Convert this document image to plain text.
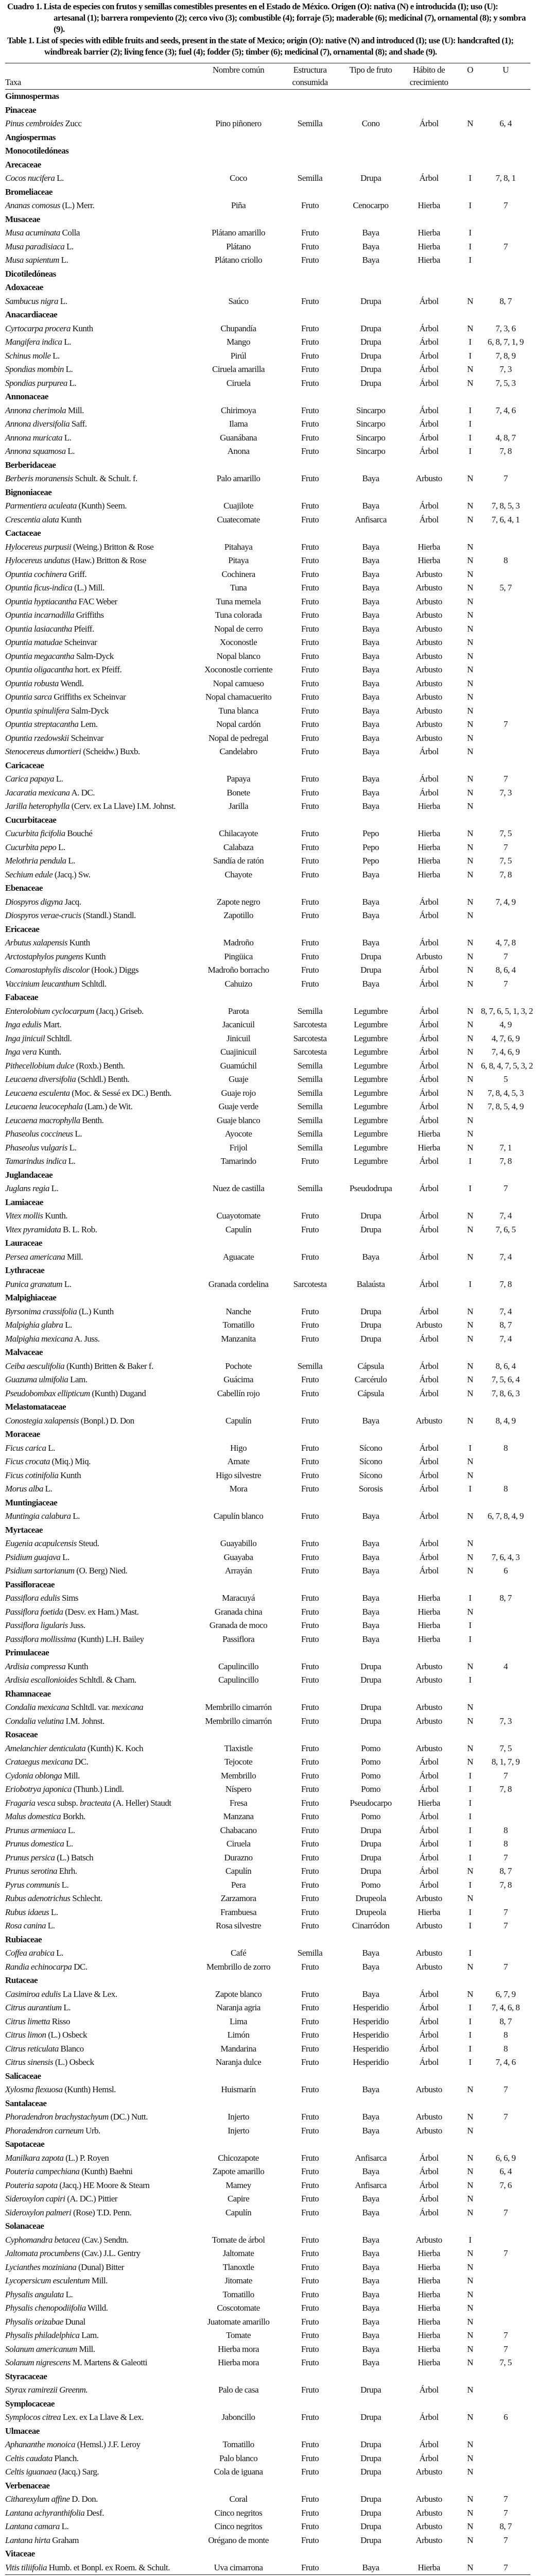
Cuadro 1. Lista de especies con frutos y semillas comestibles presentes en el Estado de México. Origen (O): nativa (N) e introducida (I); uso (U): artesanal (1); barrera rompeviento (2); cerco vivo (3); combustible (4); forraje (5); maderable (6); medicinal (7), ornamental (8); y sombra (9).
Table 1. List of species with edible fruits and seeds, present in the state of Mexico; origin (O): native (N) and introduced (I); use (U): handcrafted (1); windbreak barrier (2); living fence (3); fuel (4); fodder (5); timber (6); medicinal (7), ornamental (8); and shade (9).
Taxa	Nombre común	Estructura consumida	Tipo de fruto	Hábito de crecimiento	O	U
Gimnospermas						
Pinaceae						
Pinus cembroides Zucc	Pino piñonero	Semilla	Cono	Árbol	N	6, 4
Angiospermas						
Monocotiledóneas						
Arecaceae						
Cocos nucifera L.	Coco	Semilla	Drupa	Árbol	I	7, 8, 1
Bromeliaceae						
Ananas comosus (L.) Merr.	Piña	Fruto	Cenocarpo	Hierba	I	7
Musaceae						
Musa acuminata Colla	Plátano amarillo	Fruto	Baya	Hierba	I	
Musa paradisiaca L.	Plátano	Fruto	Baya	Hierba	I	7
Musa sapientum L.	Plátano criollo	Fruto	Baya	Hierba	I	
Dicotiledóneas						
Adoxaceae						
Sambucus nigra L.	Saúco	Fruto	Drupa	Árbol	N	8, 7
Anacardiaceae						
Cyrtocarpa procera Kunth	Chupandía	Fruto	Drupa	Árbol	N	7, 3, 6
Mangifera indica L.	Mango	Fruto	Drupa	Árbol	I	6, 8, 7, 1, 9
Schinus molle L.	Pirúl	Fruto	Drupa	Árbol	I	7, 8, 9
Spondias mombin L.	Ciruela amarilla	Fruto	Drupa	Árbol	N	7, 3
Spondias purpurea L.	Ciruela	Fruto	Drupa	Árbol	N	7, 5, 3
Annonaceae						
Annona cherimola Mill.	Chirimoya	Fruto	Sincarpo	Árbol	I	7, 4, 6
Annona diversifolia Saff.	Ilama	Fruto	Sincarpo	Árbol	I	
Annona muricata L.	Guanábana	Fruto	Sincarpo	Árbol	I	4, 8, 7
Annona squamosa L.	Anona	Fruto	Sincarpo	Árbol	I	7, 8
Berberidaceae						
Berberis moranensis Schult. & Schult. f.	Palo amarillo	Fruto	Baya	Arbusto	N	7
Bignoniaceae						
Parmentiera aculeata (Kunth) Seem.	Cuajilote	Fruto	Baya	Árbol	N	7, 8, 5, 3
Crescentia alata Kunth	Cuatecomate	Fruto	Anfisarca	Árbol	N	7, 6, 4, 1
Cactaceae						
Hylocereus purpusii (Weing.) Britton & Rose	Pitahaya	Fruto	Baya	Hierba	N	
Hylocereus undatus (Haw.) Britton & Rose	Pitaya	Fruto	Baya	Hierba	N	8
Opuntia cochinera Griff.	Cochinera	Fruto	Baya	Arbusto	N	
Opuntia ficus-indica (L.) Mill.	Tuna	Fruto	Baya	Arbusto	N	5, 7
Opuntia hyptiacantha FAC Weber	Tuna memela	Fruto	Baya	Arbusto	N	
Opuntia incarnadilla Griffiths	Tuna colorada	Fruto	Baya	Arbusto	N	
Opuntia lasiacantha Pfeiff.	Nopal de cerro	Fruto	Baya	Arbusto	N	
Opuntia matudae Scheinvar	Xoconostle	Fruto	Baya	Arbusto	N	
Opuntia megacantha Salm-Dyck	Nopal blanco	Fruto	Baya	Arbusto	N	
Opuntia oligacantha hort. ex Pfeiff.	Xoconostle corriente	Fruto	Baya	Arbusto	N	
Opuntia robusta Wendl.	Nopal camueso	Fruto	Baya	Arbusto	N	
Opuntia sarca Griffiths ex Scheinvar	Nopal chamacuerito	Fruto	Baya	Arbusto	N	
Opuntia spinulifera Salm-Dyck	Tuna blanca	Fruto	Baya	Arbusto	N	
Opuntia streptacantha Lem.	Nopal cardón	Fruto	Baya	Arbusto	N	7
Opuntia rzedowskii Scheinvar	Nopal de pedregal	Fruto	Baya	Arbusto	N	
Stenocereus dumortieri (Scheidw.) Buxb.	Candelabro	Fruto	Baya	Árbol	N	
Caricaceae						
Carica papaya L.	Papaya	Fruto	Baya	Árbol	N	7
Jacaratia mexicana A. DC.	Bonete	Fruto	Baya	Árbol	N	7, 3
Jarilla heterophylla (Cerv. ex La Llave) I.M. Johnst.	Jarilla	Fruto	Baya	Hierba	N	
Cucurbitaceae						
Cucurbita ficifolia Bouché	Chilacayote	Fruto	Pepo	Hierba	N	7, 5
Cucurbita pepo L.	Calabaza	Fruto	Pepo	Hierba	N	7
Melothria pendula L.	Sandía de ratón	Fruto	Pepo	Hierba	N	7, 5
Sechium edule (Jacq.) Sw.	Chayote	Fruto	Baya	Hierba	N	7, 8
Ebenaceae						
Diospyros digyna Jacq.	Zapote negro	Fruto	Baya	Árbol	N	7, 4, 9
Diospyros verae-crucis (Standl.) Standl.	Zapotillo	Fruto	Baya	Árbol	N	
Ericaceae						
Arbutus xalapensis Kunth	Madroño	Fruto	Baya	Árbol	N	4, 7, 8
Arctostaphylos pungens Kunth	Pingüica	Fruto	Drupa	Arbusto	N	7
Comarostaphylis discolor (Hook.) Diggs	Madroño borracho	Fruto	Drupa	Árbol	N	8, 6, 4
Vaccinium leucanthum Schltdl.	Cahuizo	Fruto	Baya	Árbol	N	7
Fabaceae						
Enterolobium cyclocarpum (Jacq.) Griseb.	Parota	Semilla	Legumbre	Árbol	N	8, 7, 6, 5, 1, 3, 2
Inga edulis Mart.	Jacanicuil	Sarcotesta	Legumbre	Árbol	N	4, 9
Inga jinicuil Schltdl.	Jinicuil	Sarcotesta	Legumbre	Árbol	N	4, 7, 6, 9
Inga vera Kunth.	Cuajinicuil	Sarcotesta	Legumbre	Árbol	N	7, 4, 6, 9
Pithecellobium dulce (Roxb.) Benth.	Guamúchil	Semilla	Legumbre	Árbol	N	6, 8, 4, 7, 5, 3, 2
Leucaena diversifolia (Schldl.) Benth.	Guaje	Semilla	Legumbre	Árbol	N	5
Leucaena esculenta (Moc. & Sessé ex DC.) Benth.	Guaje rojo	Semilla	Legumbre	Árbol	N	7, 8, 4, 5, 3
Leucaena leucocephala (Lam.) de Wit.	Guaje verde	Semilla	Legumbre	Árbol	N	7, 8, 5, 4, 9
Leucaena macrophylla Benth.	Guaje blanco	Semilla	Legumbre	Árbol	N	
Phaseolus coccineus L.	Ayocote	Semilla	Legumbre	Hierba	N	
Phaseolus vulgaris L.	Frijol	Semilla	Legumbre	Hierba	N	7, 1
Tamarindus indica L.	Tamarindo	Fruto	Legumbre	Árbol	I	7, 8
Juglandaceae						
Juglans regia L.	Nuez de castilla	Semilla	Pseudodrupa	Árbol	I	7
Lamiaceae						
Vitex mollis Kunth.	Cuayotomate	Fruto	Drupa	Árbol	N	7, 4
Vitex pyramidata B. L. Rob.	Capulín	Fruto	Drupa	Árbol	N	7, 6, 5
Lauraceae						
Persea americana Mill.	Aguacate	Fruto	Baya	Árbol	N	7, 4
Lythraceae						
Punica granatum L.	Granada cordelina	Sarcotesta	Balaústa	Árbol	I	7, 8
Malpighiaceae						
Byrsonima crassifolia (L.) Kunth	Nanche	Fruto	Drupa	Árbol	N	7, 4
Malpighia glabra L.	Tomatillo	Fruto	Drupa	Arbusto	N	8, 7
Malpighia mexicana A. Juss.	Manzanita	Fruto	Drupa	Árbol	N	7, 4
Malvaceae						
Ceiba aesculifolia (Kunth) Britten & Baker f.	Pochote	Semilla	Cápsula	Árbol	N	8, 6, 4
Guazuma ulmifolia Lam.	Guácima	Fruto	Carcérulo	Árbol	N	7, 5, 6, 4
Pseudobombax ellipticum (Kunth) Dugand	Cabellín rojo	Fruto	Cápsula	Árbol	N	7, 8, 6, 3
Melastomataceae						
Conostegia xalapensis (Bonpl.) D. Don	Capulín	Fruto	Baya	Arbusto	N	8, 4, 9
Moraceae						
Ficus carica L.	Higo	Fruto	Sícono	Árbol	I	8
Ficus crocata (Miq.) Miq.	Amate	Fruto	Sícono	Árbol	N	
Ficus cotinifolia Kunth	Higo silvestre	Fruto	Sícono	Árbol	N	
Morus alba L.	Mora	Fruto	Sorosis	Árbol	I	8
Muntingiaceae						
Muntingia calabura L.	Capulín blanco	Fruto	Baya	Árbol	N	6, 7, 8, 4, 9
Myrtaceae						
Eugenia acapulcensis Steud.	Guayabillo	Fruto	Baya	Árbol	N	
Psidium guajava L.	Guayaba	Fruto	Baya	Árbol	N	7, 6, 4, 3
Psidium sartorianum (O. Berg) Nied.	Arrayán	Fruto	Baya	Árbol	N	6
Passifloraceae						
Passiflora edulis Sims	Maracuyá	Fruto	Baya	Hierba	I	8, 7
Passiflora foetida (Desv. ex Ham.) Mast.	Granada china	Fruto	Baya	Hierba	N	
Passiflora ligularis Juss.	Granada de moco	Fruto	Baya	Hierba	I	
Passiflora mollissima (Kunth) L.H. Bailey	Passiflora	Fruto	Baya	Hierba	I	
Primulaceae						
Ardisia compressa Kunth	Capulincillo	Fruto	Drupa	Arbusto	N	4
Ardisia escallonioides Schltdl. & Cham.	Capulincillo	Fruto	Drupa	Arbusto	I	
Rhamnaceae						
Condalia mexicana Schltdl. var. mexicana	Membrillo cimarrón	Fruto	Drupa	Arbusto	N	
Condalia velutina I.M. Johnst.	Membrillo cimarrón	Fruto	Drupa	Arbusto	N	7, 3
Rosaceae						
Amelanchier denticulata (Kunth) K. Koch	Tlaxistle	Fruto	Pomo	Arbusto	N	7, 5
Crataegus mexicana DC.	Tejocote	Fruto	Pomo	Árbol	N	8, 1, 7, 9
Cydonia oblonga Mill.	Membrillo	Fruto	Pomo	Árbol	I	7
Eriobotrya japonica (Thunb.) Lindl.	Níspero	Fruto	Pomo	Árbol	I	7, 8
Fragaria vesca subsp. bracteata (A. Heller) Staudt	Fresa	Fruto	Pseudocarpo	Hierba	I	
Malus domestica Borkh.	Manzana	Fruto	Pomo	Árbol	I	
Prunus armeniaca L.	Chabacano	Fruto	Drupa	Árbol	I	8
Prunus domestica L.	Ciruela	Fruto	Drupa	Árbol	I	8
Prunus persica (L.) Batsch	Durazno	Fruto	Drupa	Árbol	I	7
Prunus serotina Ehrh.	Capulín	Fruto	Drupa	Árbol	N	8, 7
Pyrus communis L.	Pera	Fruto	Pomo	Árbol	I	7, 8
Rubus adenotrichus Schlecht.	Zarzamora	Fruto	Drupeola	Arbusto	N	
Rubus idaeus L.	Frambuesa	Fruto	Drupeola	Hierba	I	7
Rosa canina L.	Rosa silvestre	Fruto	Cinarródon	Arbusto	I	7
Rubiaceae						
Coffea arabica L.	Café	Semilla	Baya	Arbusto	I	
Randia echinocarpa DC.	Membrillo de zorro	Fruto	Baya	Arbusto	N	7
Rutaceae						
Casimiroa edulis La Llave & Lex.	Zapote blanco	Fruto	Baya	Árbol	N	6, 7, 9
Citrus aurantium L.	Naranja agria	Fruto	Hesperidio	Árbol	I	7, 4, 6, 8
Citrus limetta Risso	Lima	Fruto	Hesperidio	Árbol	I	8, 7
Citrus limon (L.) Osbeck	Limón	Fruto	Hesperidio	Árbol	I	8
Citrus reticulata Blanco	Mandarina	Fruto	Hesperidio	Árbol	I	8
Citrus sinensis (L.) Osbeck	Naranja dulce	Fruto	Hesperidio	Árbol	I	7, 4, 6
Salicaceae						
Xylosma flexuosa (Kunth) Hemsl.	Huismarín	Fruto	Baya	Arbusto	N	7
Santalaceae						
Phoradendron brachystachyum (DC.) Nutt.	Injerto	Fruto	Baya	Arbusto	N	7
Phoradendron carneum Urb.	Injerto	Fruto	Baya	Arbusto	N	
Sapotaceae						
Manilkara zapota (L.) P. Royen	Chicozapote	Fruto	Anfisarca	Árbol	N	6, 6, 9
Pouteria campechiana (Kunth) Baehni	Zapote amarillo	Fruto	Baya	Árbol	N	6, 4
Pouteria sapota (Jacq.) HE Moore & Stearn	Mamey	Fruto	Anfisarca	Árbol	N	7, 6
Sideroxylon capiri (A. DC.) Pittier	Capire	Fruto	Baya	Árbol	N	
Sideroxylon palmeri (Rose) T.D. Penn.	Capulín	Fruto	Baya	Árbol	N	7
Solanaceae						
Cyphomandra betacea (Cav.) Sendtn.	Tomate de árbol	Fruto	Baya	Arbusto	I	
Jaltomata procumbens (Cav.) J.L. Gentry	Jaltomate	Fruto	Baya	Hierba	N	7
Lycianthes moziniana (Dunal) Bitter	Tlanoxtle	Fruto	Baya	Hierba	N	
Lycopersicum esculentum Mill.	Jitomate	Fruto	Baya	Hierba	N	
Physalis angulata L.	Tomatillo	Fruto	Baya	Hierba	N	
Physalis chenopodiifolia Willd.	Coscotomate	Fruto	Baya	Hierba	N	
Physalis orizabae Dunal	Juatomate amarillo	Fruto	Baya	Hierba	N	
Physalis philadelphica Lam.	Tomate	Fruto	Baya	Hierba	N	7
Solanum americanum Mill.	Hierba mora	Fruto	Baya	Hierba	N	7
Solanum nigrescens M. Martens & Galeotti	Hierba mora	Fruto	Baya	Hierba	N	7, 5
Styracaceae						
Styrax ramirezii Greenm.	Palo de casa	Fruto	Drupa	Árbol	N	
Symplocaceae						
Symplocos citrea Lex. ex La Llave & Lex.	Jaboncillo	Fruto	Drupa	Árbol	N	6
Ulmaceae						
Aphananthe monoica (Hemsl.) J.F. Leroy	Tomatillo	Fruto	Drupa	Árbol	N	
Celtis caudata Planch.	Palo blanco	Fruto	Drupa	Árbol	N	
Celtis iguanaea (Jacq.) Sarg.	Cola de iguana	Fruto	Drupa	Arbusto	N	
Verbenaceae						
Citharexylum affine D. Don.	Coral	Fruto	Drupa	Arbusto	N	7
Lantana achyranthifolia Desf.	Cinco negritos	Fruto	Drupa	Arbusto	N	7
Lantana camara L.	Cinco negritos	Fruto	Drupa	Arbusto	N	8, 7
Lantana hirta Graham	Orégano de monte	Fruto	Drupa	Arbusto	N	7
Vitaceae						
Vitis tiliifolia Humb. et Bonpl. ex Roem. & Schult.	Uva cimarrona	Fruto	Baya	Hierba	N	7
